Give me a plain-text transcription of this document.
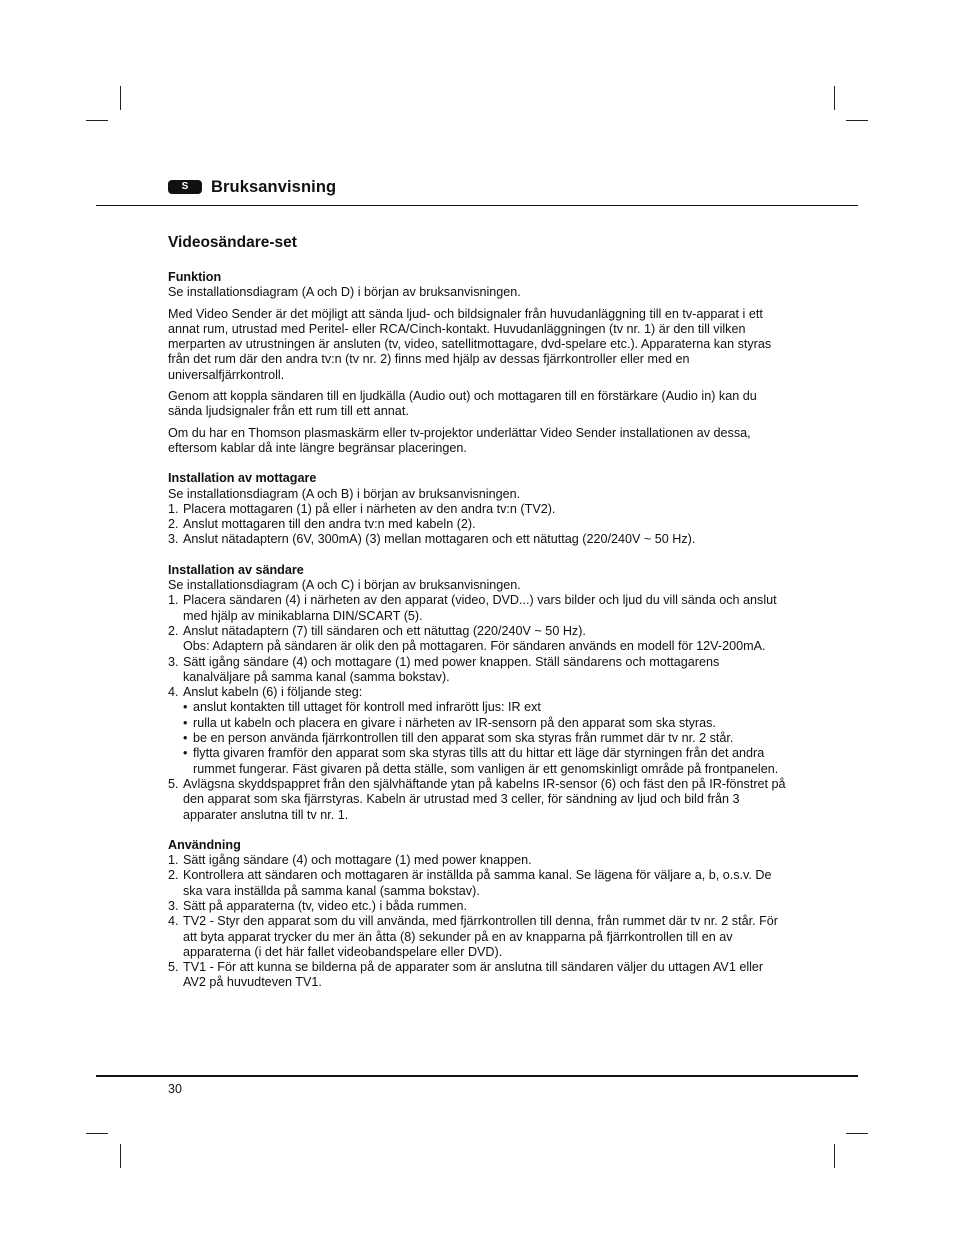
S	Bruksanvisning
Videosändare-set
Funktion

Se installationsdiagram (A och D) i början av bruksanvisningen.

Med Video Sender är det möjligt att sända ljud- och bildsignaler från huvudanläggning till en tv-apparat i ett annat rum, utrustad med Peritel- eller RCA/Cinch-kontakt. Huvudanläggningen (tv nr. 1) är den till vilken merparten av utrustningen är ansluten (tv, video, satellitmottagare, dvd-spelare etc.). Apparaterna kan styras från det rum där den andra tv:n (tv nr. 2) finns med hjälp av dessas fjärrkontroller eller med en universalfjärrkontroll.

Genom att koppla sändaren till en ljudkälla (Audio out) och mottagaren till en förstärkare (Audio in) kan du sända ljudsignaler från ett rum till ett annat.

Om du har en Thomson plasmaskärm eller tv-projektor underlättar Video Sender installationen av dessa, eftersom kablar då inte längre begränsar placeringen.

Installation av mottagare

Se installationsdiagram (A och B) i början av bruksanvisningen.

1. Placera mottagaren (1) på eller i närheten av den andra tv:n (TV2).
2. Anslut mottagaren till den andra tv:n med kabeln (2).
3. Anslut nätadaptern (6V, 300mA) (3) mellan mottagaren och ett nätuttag (220/240V ~ 50 Hz).
Installation av sändare

Se installationsdiagram (A och C) i början av bruksanvisningen.

1. Placera sändaren (4) i närheten av den apparat (video, DVD...) vars bilder och ljud du vill sända och anslut med hjälp av minikablarna DIN/SCART (5).
2. Anslut nätadaptern (7) till sändaren och ett nätuttag (220/240V ~ 50 Hz).
Obs: Adaptern på sändaren är olik den på mottagaren. För sändaren används en modell för 12V-200mA.
3. Sätt igång sändare (4) och mottagare (1) med power knappen. Ställ sändarens och mottagarens kanalväljare på samma kanal (samma bokstav).
4. Anslut kabeln (6) i följande steg:
• anslut kontakten till uttaget för kontroll med infrarött ljus: IR ext
• rulla ut kabeln och placera en givare i närheten av IR-sensorn på den apparat som ska styras.
• be en person använda fjärrkontrollen till den apparat som ska styras från rummet där tv nr. 2 står.
• flytta givaren framför den apparat som ska styras tills att du hittar ett läge där styrningen från det andra rummet fungerar. Fäst givaren på detta ställe, som vanligen är ett genomskinligt område på frontpanelen.
5. Avlägsna skyddspappret från den självhäftande ytan på kabelns IR-sensor (6) och fäst den på IR-fönstret på den apparat som ska fjärrstyras. Kabeln är utrustad med 3 celler, för sändning av ljud och bild från 3 apparater anslutna till tv nr. 1.
Användning
1. Sätt igång sändare (4) och mottagare (1) med power knappen.
2. Kontrollera att sändaren och mottagaren är inställda på samma kanal. Se lägena för väljare a, b, o.s.v. De ska vara inställda på samma kanal (samma bokstav).
3. Sätt på apparaterna (tv, video etc.) i båda rummen.
4. TV2 - Styr den apparat som du vill använda, med fjärrkontrollen till denna, från rummet där tv nr. 2 står. För att byta apparat trycker du mer än åtta (8) sekunder på en av knapparna på fjärrkontrollen till en av apparaterna (i det här fallet videobandspelare eller DVD).
5. TV1 - För att kunna se bilderna på de apparater som är anslutna till sändaren väljer du uttagen AV1 eller AV2 på huvudteven TV1.
30
